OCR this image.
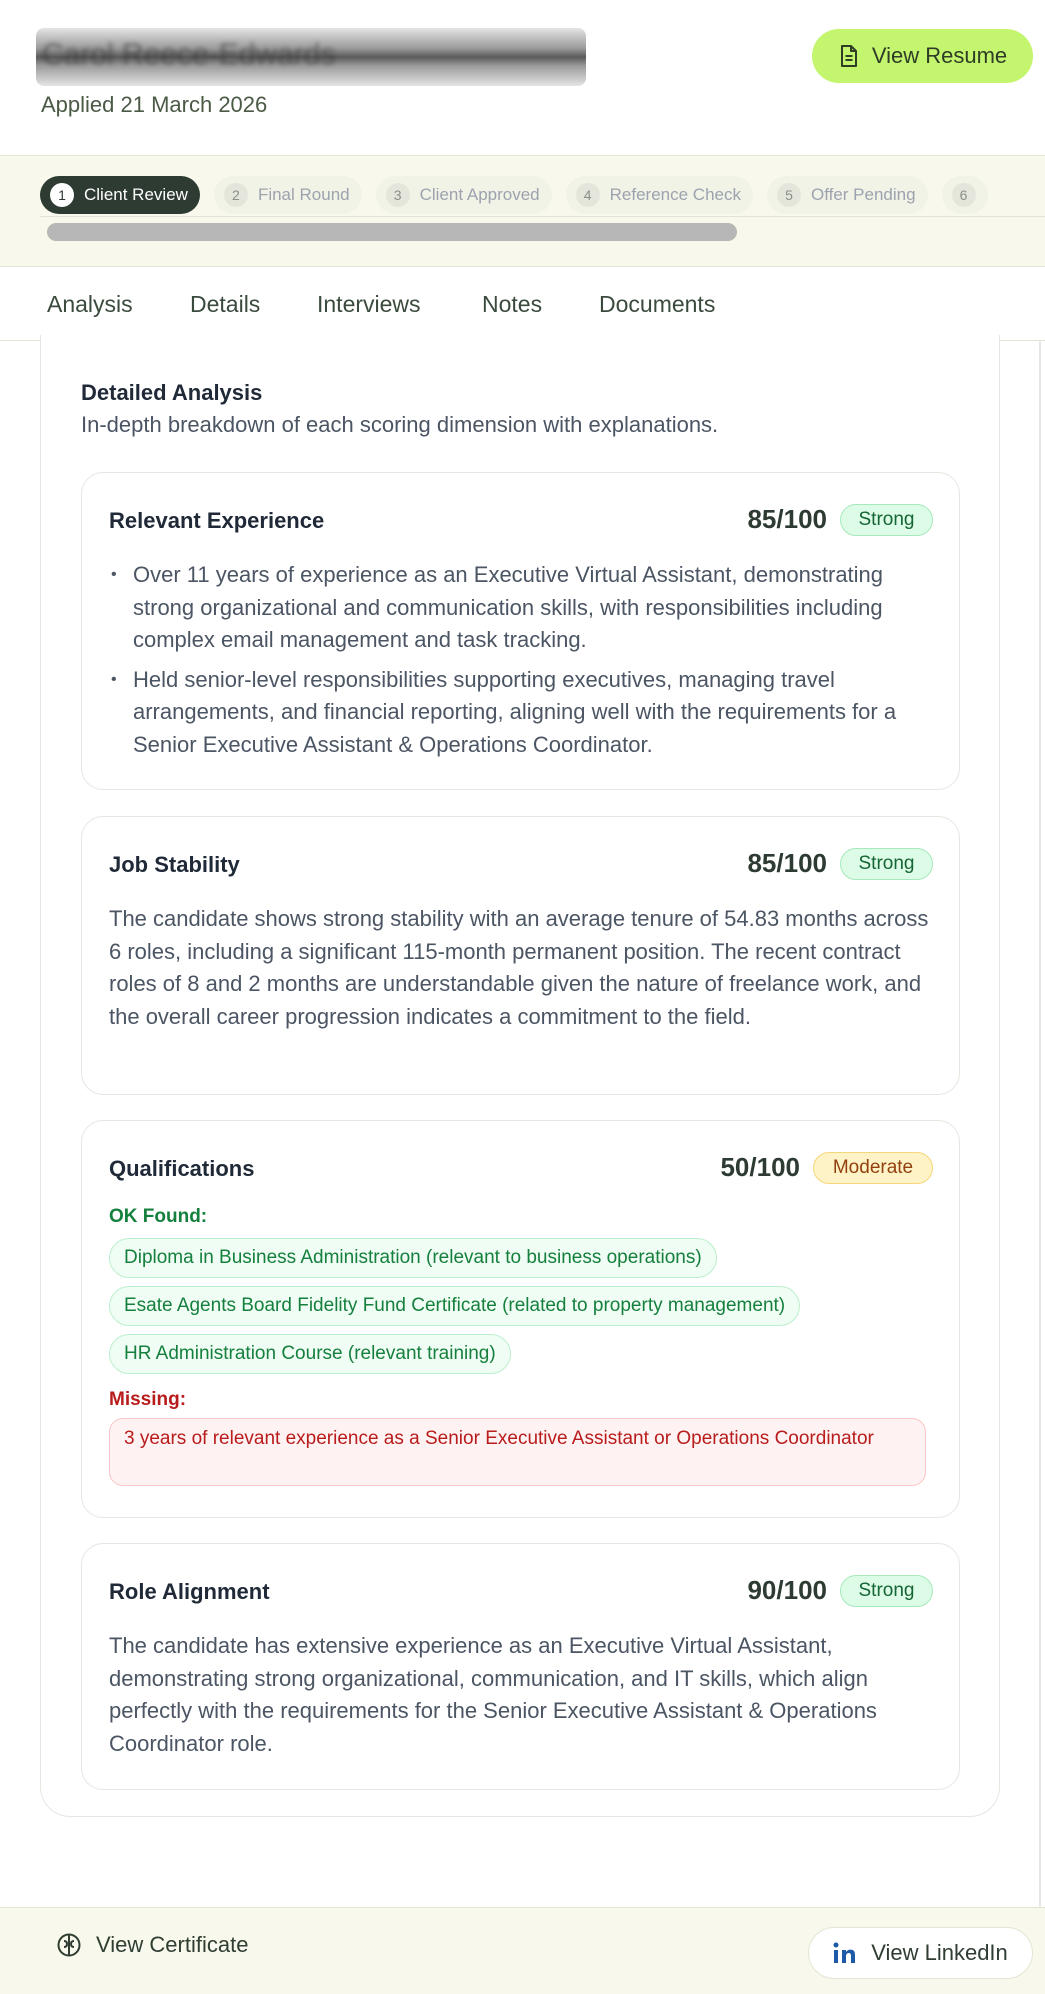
Carol Reece-Edwards
Applied 21 March 2026
View Resume
1	Client Review	2	Final Round	3	Client Approved	4	Reference Check	5	Offer Pending	6
Analysis Details Interviews	Notes Documents
Detailed Analysis
In-depth breakdown of each scoring dimension with explanations.
Relevant Experience	85/100	Strong
• Over 11 years of experience as an Executive Virtual Assistant, demonstrating strong organizational and communication skills, with responsibilities including complex email management and task tracking.
• Held senior-level responsibilities supporting executives, managing travel arrangements, and financial reporting, aligning well with the requirements for a Senior Executive Assistant & Operations Coordinator.
Job Stability	85/100	Strong
The candidate shows strong stability with an average tenure of 54.83 months across 6 roles, including a significant 115-month permanent position. The recent contract roles of 8 and 2 months are understandable given the nature of freelance work, and the overall career progression indicates a commitment to the field.
Qualifications	50/100	Moderate
OK Found:
Diploma in Business Administration (relevant to business operations)
Esate Agents Board Fidelity Fund Certificate (related to property management)
HR Administration Course (relevant training)
Missing:
3 years of relevant experience as a Senior Executive Assistant or Operations Coordinator
Role Alignment	90/100	Strong
The candidate has extensive experience as an Executive Virtual Assistant, demonstrating strong organizational, communication, and IT skills, which align perfectly with the requirements for the Senior Executive Assistant & Operations Coordinator role.
View Certificate	View LinkedIn
